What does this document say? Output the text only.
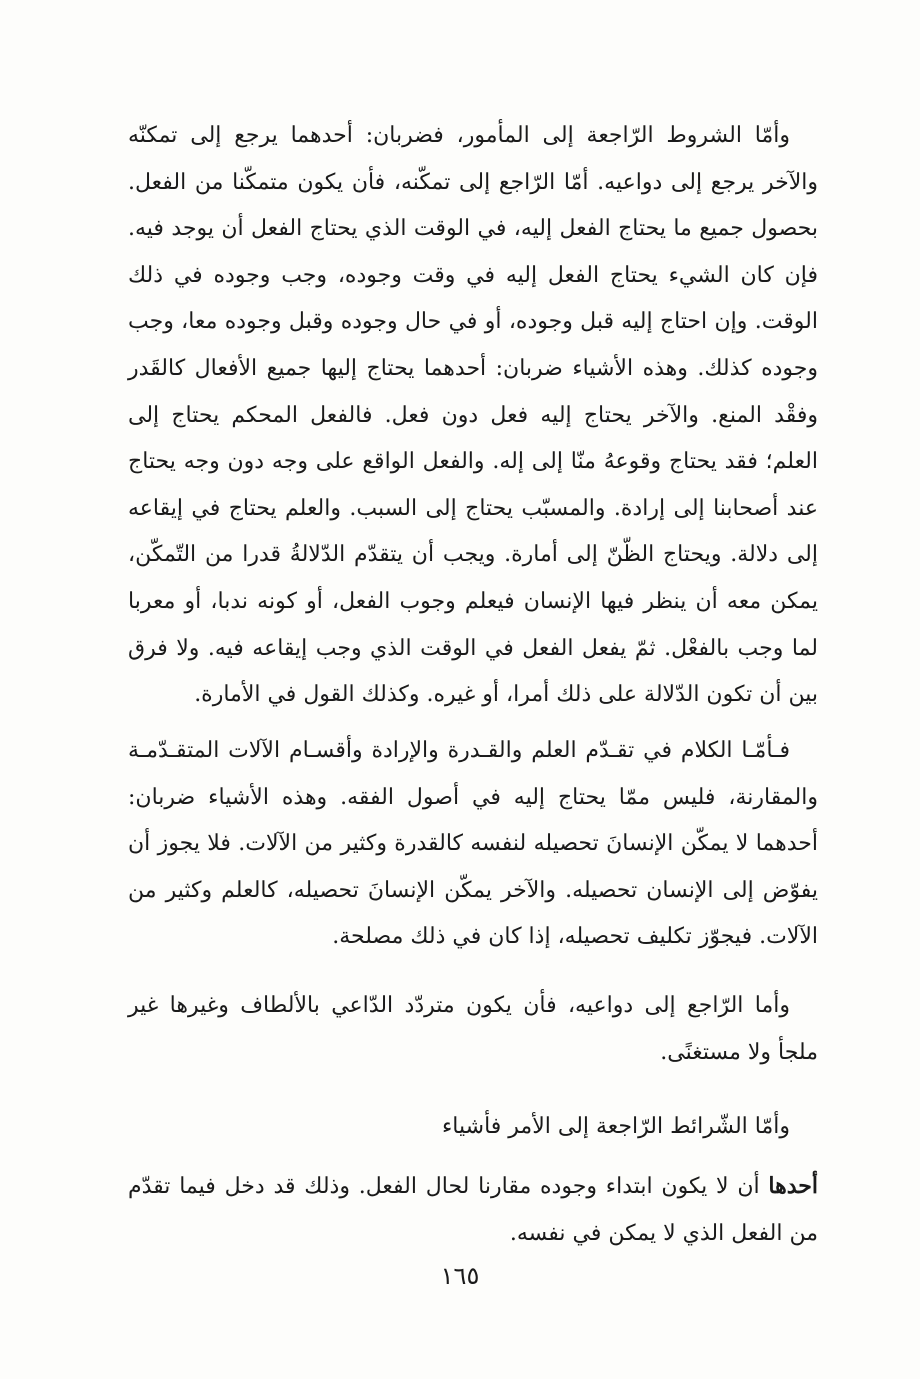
وأمّا الشروط الرّاجعة إلى المأمور، فضربان: أحدهما يرجع إلى تمكنّه والآخر يرجع إلى دواعيه. أمّا الرّاجع إلى تمكّنه، فأن يكون متمكّنا من الفعل. بحصول جميع ما يحتاج الفعل إليه، في الوقت الذي يحتاج الفعل أن يوجد فيه. فإن كان الشيء يحتاج الفعل إليه في وقت وجوده، وجب وجوده في ذلك الوقت. وإن احتاج إليه قبل وجوده، أو في حال وجوده وقبل وجوده معا، وجب وجوده كذلك. وهذه الأشياء ضربان: أحدهما يحتاج إليها جميع الأفعال كالقَدر وفقْد المنع. والآخر يحتاج إليه فعل دون فعل. فالفعل المحكم يحتاج إلى العلم؛ فقد يحتاج وقوعهُ منّا إلى إله. والفعل الواقع على وجه دون وجه يحتاج عند أصحابنا إلى إرادة. والمسبّب يحتاج إلى السبب. والعلم يحتاج في إيقاعه إلى دلالة. ويحتاج الظّنّ إلى أمارة. ويجب أن يتقدّم الدّلالةُ قدرا من التّمكّن، يمكن معه أن ينظر فيها الإنسان فيعلم وجوب الفعل، أو كونه ندبا، أو معربا لما وجب بالفعْل. ثمّ يفعل الفعل في الوقت الذي وجب إيقاعه فيه. ولا فرق بين أن تكون الدّلالة على ذلك أمرا، أو غيره. وكذلك القول في الأمارة.

فـأمّـا الكلام في تقـدّم العلم والقـدرة والإرادة وأقسـام الآلات المتقـدّمـة والمقارنة، فليس ممّا يحتاج إليه في أصول الفقه. وهذه الأشياء ضربان: أحدهما لا يمكّن الإنسانَ تحصيله لنفسه كالقدرة وكثير من الآلات. فلا يجوز أن يفوّض إلى الإنسان تحصيله. والآخر يمكّن الإنسانَ تحصيله، كالعلم وكثير من الآلات. فيجوّز تكليف تحصيله، إذا كان في ذلك مصلحة.

وأما الرّاجع إلى دواعيه، فأن يكون متردّد الدّاعي بالألطاف وغيرها غير ملجأ ولا مستغنًى.

وأمّا الشّرائط الرّاجعة إلى الأمر فأشياء

أحدها أن لا يكون ابتداء وجوده مقارنا لحال الفعل. وذلك قد دخل فيما تقدّم من الفعل الذي لا يمكن في نفسه.

١٦٥
